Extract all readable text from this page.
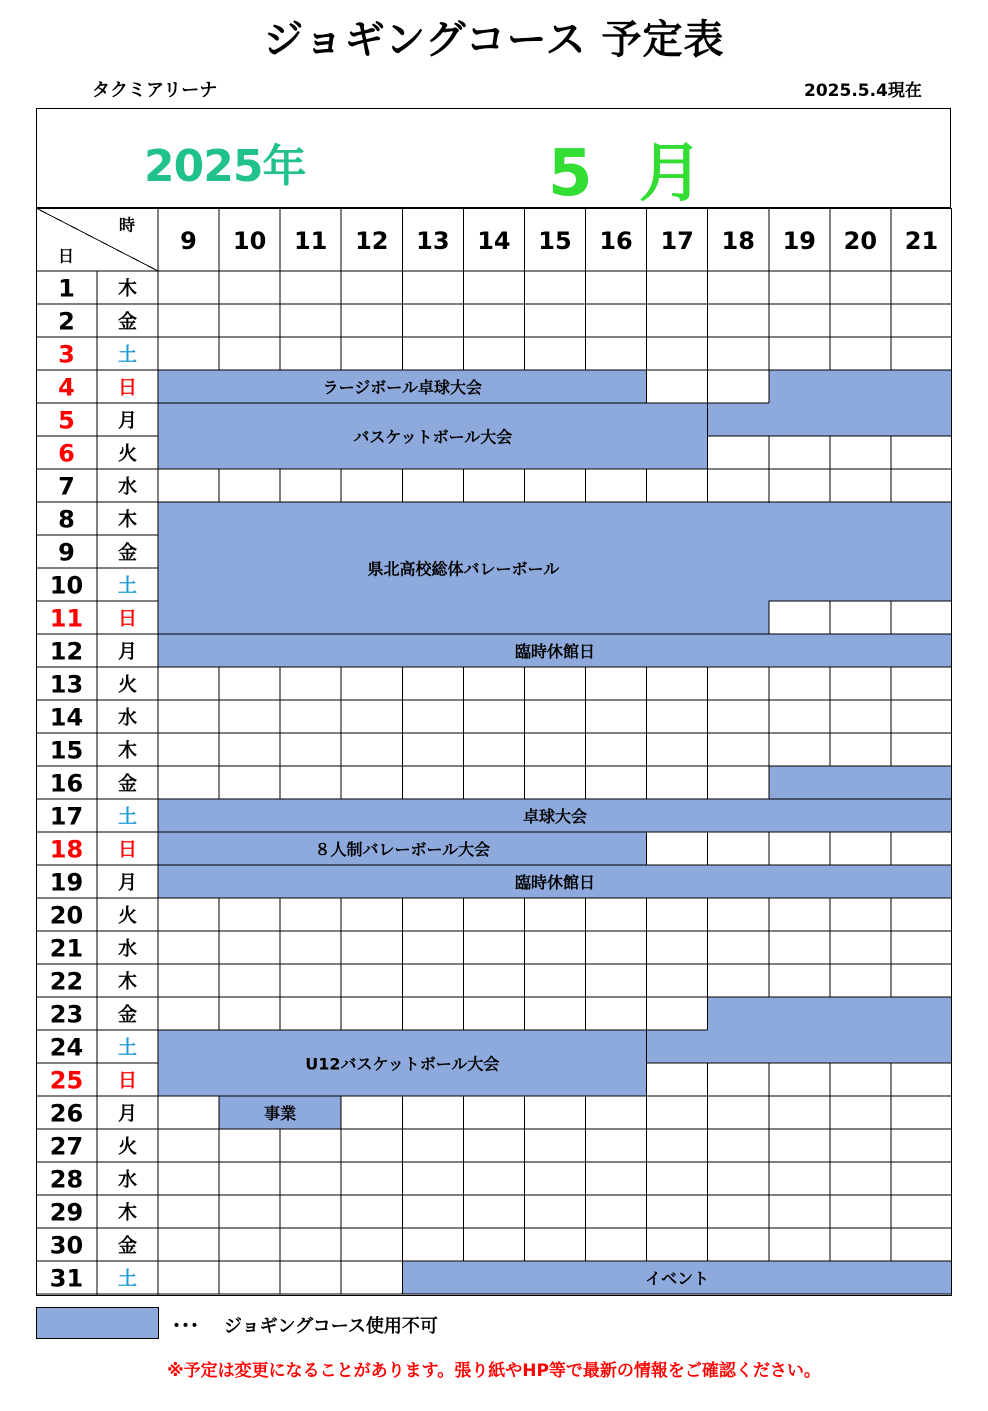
ジョギングコース 予定表
タクミアリーナ	2025.5.4現在
2025年	5 月
時
日
9 10 11 12 13 14 15 16 17 18 19 20 21
1 木
2 金
3 土
4 日
5 月
6 火
7 水
8 木
9 金
10 土
11 日
12 月
13 火
14 水
15 木
16 金
17 土
18 日
19 月
20 火
21 水
22 木
23 金
24 土
25 日
26 月
27 火
28 水
29 木
30 金
31 土
ラージボール卓球大会
バスケットボール大会
県北高校総体バレーボール
臨時休館日
卓球大会
８人制バレーボール大会
臨時休館日
U12バスケットボール大会
事業
イベント
･･･ ジョギングコース使用不可
※予定は変更になることがあります。張り紙やHP等で最新の情報をご確認ください。
